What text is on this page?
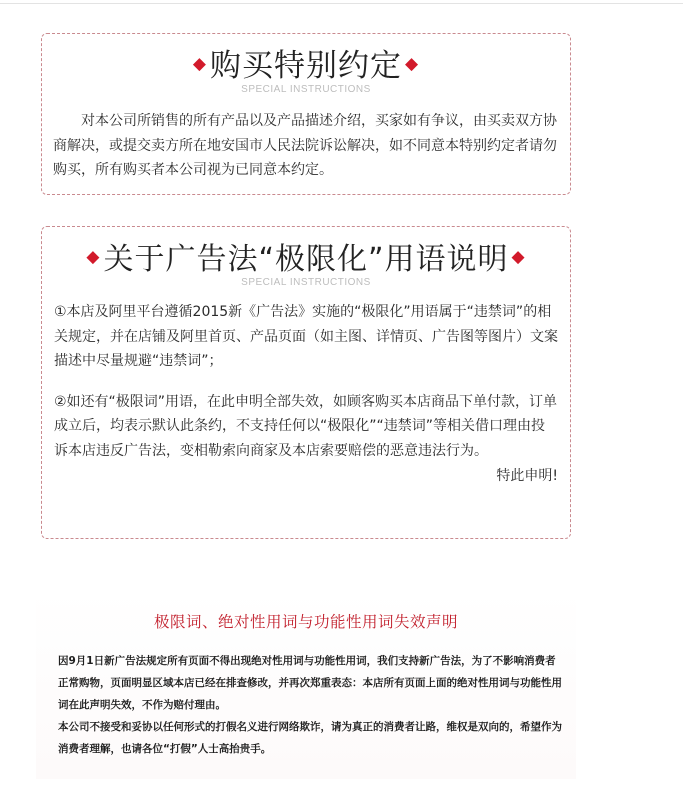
◆购买特别约定 ◆
SPECIAL INSTRUCTIONS
对本公司所销售的所有产品以及产品描述介绍，买家如有争议，由买卖双方协商解决，或提交卖方所在地安国市人民法院诉讼解决，如不同意本特别约定者请勿购买，所有购买者本公司视为已同意本约定。
◆ 关于广告法“极限化”用语说明 ◆
SPECIAL INSTRUCTIONS
①本店及阿里平台遵循2015新《广告法》实施的“极限化”用语属于“违禁词”的相关规定，并在店铺及阿里首页、产品页面（如主图、详情页、广告图等图片）文案描述中尽量规避“违禁词”；
②如还有“极限词”用语，在此申明全部失效，如顾客购买本店商品下单付款，订单成立后，均表示默认此条约，不支持任何以“极限化”“违禁词”等相关借口理由投诉本店违反广告法，变相勒索向商家及本店索要赔偿的恶意违法行为。
特此申明!
极限词、绝对性用词与功能性用词失效声明

因9月1日新广告法规定所有页面不得出现绝对性用词与功能性用词，我们支持新广告法，为了不影响消费者正常购物，页面明显区域本店已经在排查修改，并再次郑重表态：本店所有页面上面的绝对性用词与功能性用词在此声明失效，不作为赔付理由。

本公司不接受和妥协以任何形式的打假名义进行网络欺诈，请为真正的消费者让路，维权是双向的，希望作为消费者理解，也请各位“打假”人士高抬贵手。
